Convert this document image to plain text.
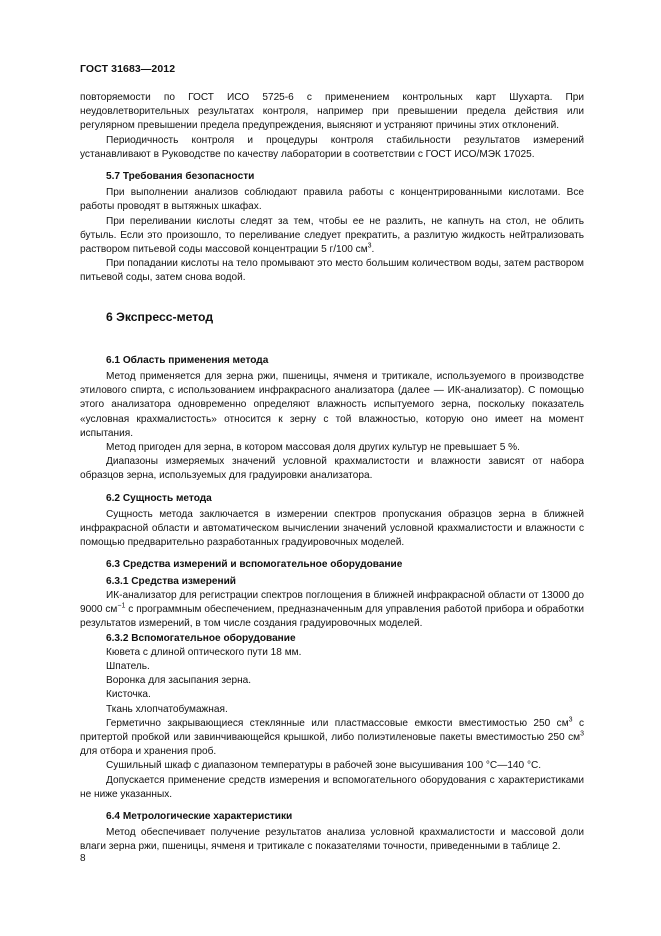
ГОСТ 31683—2012

повторяемости по ГОСТ ИСО 5725-6 с применением контрольных карт Шухарта. При неудовлетворительных результатах контроля, например при превышении предела действия или регулярном превышении предела предупреждения, выясняют и устраняют причины этих отклонений.

Периодичность контроля и процедуры контроля стабильности результатов измерений устанавливают в Руководстве по качеству лаборатории в соответствии с ГОСТ ИСО/МЭК 17025.

5.7 Требования безопасности

При выполнении анализов соблюдают правила работы с концентрированными кислотами. Все работы проводят в вытяжных шкафах.

При переливании кислоты следят за тем, чтобы ее не разлить, не капнуть на стол, не облить бутыль. Если это произошло, то переливание следует прекратить, а разлитую жидкость нейтрализовать раствором питьевой соды массовой концентрации 5 г/100 $см^3$.

При попадании кислоты на тело промывают это место большим количеством воды, затем раствором питьевой соды, затем снова водой.

6 Экспресс-метод

6.1 Область применения метода

Метод применяется для зерна ржи, пшеницы, ячменя и тритикале, используемого в производстве этилового спирта, с использованием инфракрасного анализатора (далее — ИК-анализатор). С помощью этого анализатора одновременно определяют влажность испытуемого зерна, поскольку показатель «условная крахмалистость» относится к зерну с той влажностью, которую оно имеет на момент испытания.

Метод пригоден для зерна, в котором массовая доля других культур не превышает 5 %.

Диапазоны измеряемых значений условной крахмалистости и влажности зависят от набора образцов зерна, используемых для градуировки анализатора.

6.2 Сущность метода

Сущность метода заключается в измерении спектров пропускания образцов зерна в ближней инфракрасной области и автоматическом вычислении значений условной крахмалистости и влажности с помощью предварительно разработанных градуировочных моделей.

6.3 Средства измерений и вспомогательное оборудование

6.3.1 Средства измерений

ИК-анализатор для регистрации спектров поглощения в ближней инфракрасной области от 13000 до 9000 $см^{-1}$ с программным обеспечением, предназначенным для управления работой прибора и обработки результатов измерений, в том числе создания градуировочных моделей.

6.3.2 Вспомогательное оборудование

Кювета с длиной оптического пути 18 мм.

Шпатель.

Воронка для засыпания зерна.

Кисточка.

Ткань хлопчатобумажная.

Герметично закрывающиеся стеклянные или пластмассовые емкости вместимостью 250 $см^3$ с притертой пробкой или завинчивающейся крышкой, либо полиэтиленовые пакеты вместимостью 250 $см^3$ для отбора и хранения проб.

Сушильный шкаф с диапазоном температуры в рабочей зоне высушивания 100 °С—140 °С.

Допускается применение средств измерения и вспомогательного оборудования с характеристиками не ниже указанных.

6.4 Метрологические характеристики

Метод обеспечивает получение результатов анализа условной крахмалистости и массовой доли влаги зерна ржи, пшеницы, ячменя и тритикале с показателями точности, приведенными в таблице 2.

8
